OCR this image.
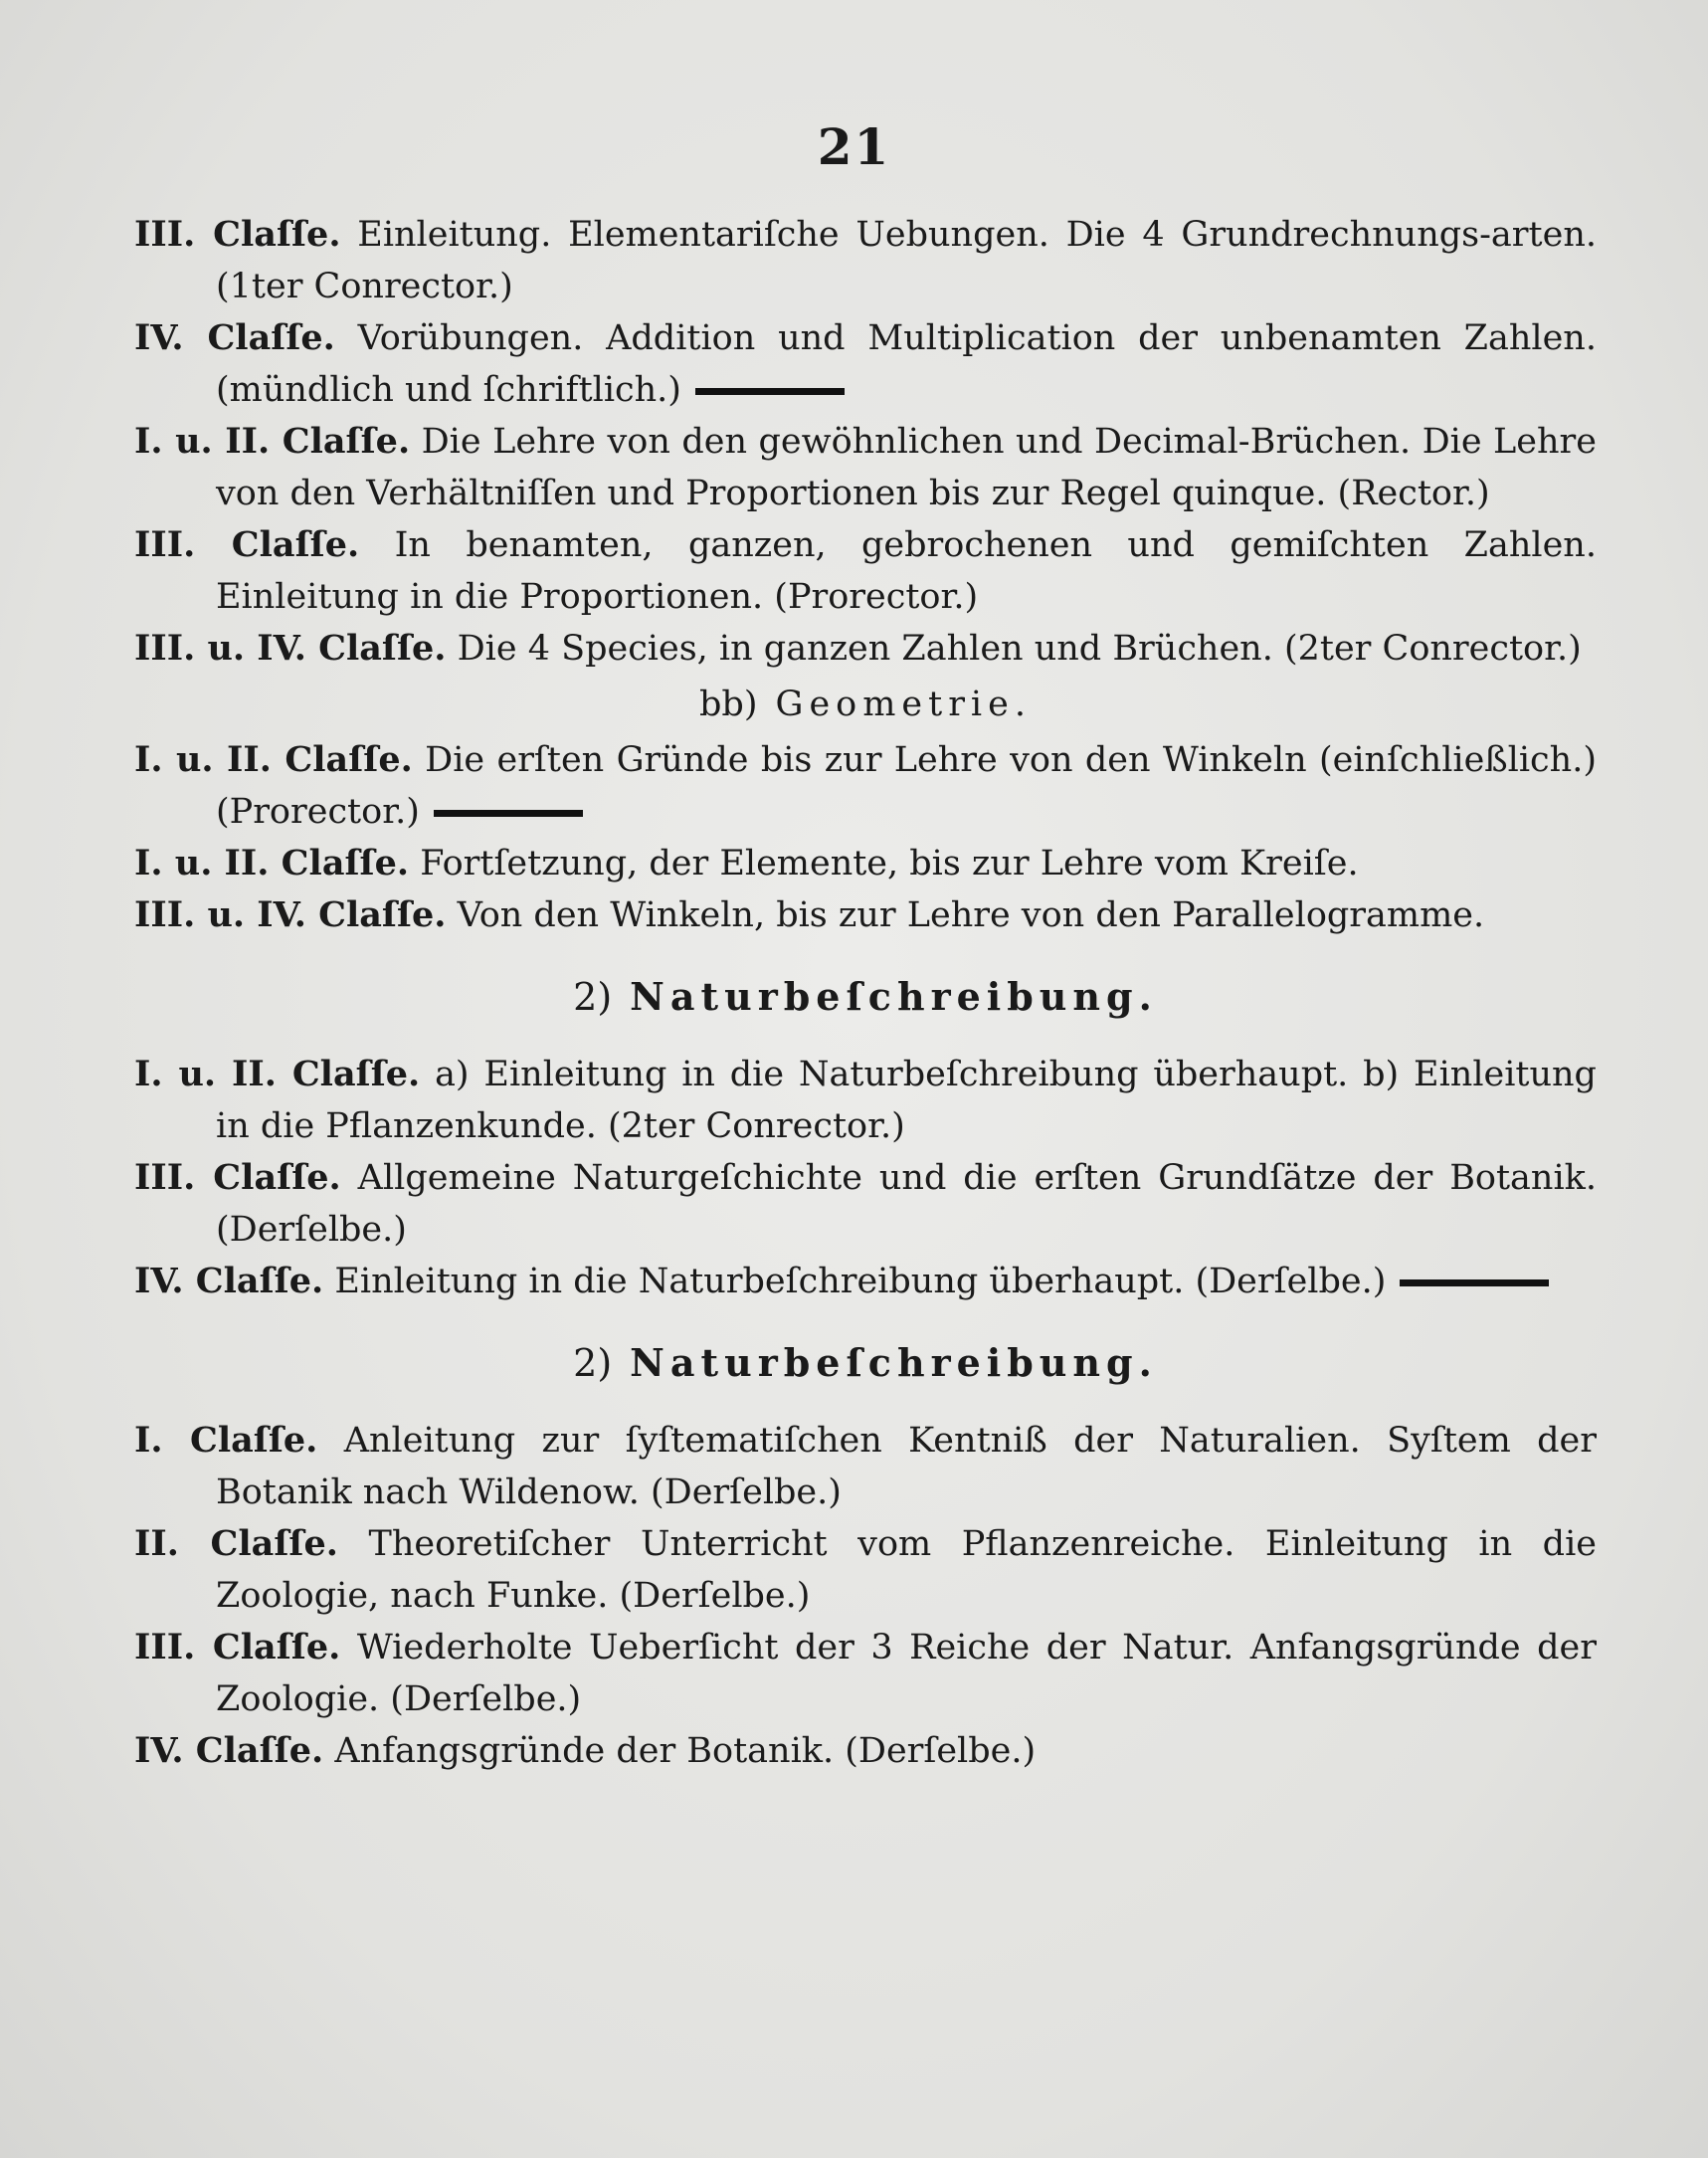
21

III. Claſſe. Einleitung. Elementariſche Uebungen. Die 4 Grundrechnungs-arten. (1ter Conrector.)

IV. Claſſe. Vorübungen. Addition und Multiplication der unbenamten Zahlen. (mündlich und ſchriftlich.)

I. u. II. Claſſe. Die Lehre von den gewöhnlichen und Decimal-Brüchen. Die Lehre von den Verhältniſſen und Proportionen bis zur Regel quinque. (Rector.)

III. Claſſe. In benamten, ganzen, gebrochenen und gemiſchten Zahlen. Einleitung in die Proportionen. (Prorector.)

III. u. IV. Claſſe. Die 4 Species, in ganzen Zahlen und Brüchen. (2ter Conrector.)

bb) Geometrie.

I. u. II. Claſſe. Die erſten Gründe bis zur Lehre von den Winkeln (einſchließlich.) (Prorector.)

I. u. II. Claſſe. Fortſetzung, der Elemente, bis zur Lehre vom Kreiſe.

III. u. IV. Claſſe. Von den Winkeln, bis zur Lehre von den Parallelogramme.

2) Naturbeſchreibung.

I. u. II. Claſſe. a) Einleitung in die Naturbeſchreibung überhaupt. b) Einleitung in die Pflanzenkunde. (2ter Conrector.)

III. Claſſe. Allgemeine Naturgeſchichte und die erſten Grundſätze der Botanik. (Derſelbe.)

IV. Claſſe. Einleitung in die Naturbeſchreibung überhaupt. (Derſelbe.)

2) Naturbeſchreibung.

I. Claſſe. Anleitung zur ſyſtematiſchen Kentniß der Naturalien. Syſtem der Botanik nach Wildenow. (Derſelbe.)

II. Claſſe. Theoretiſcher Unterricht vom Pflanzenreiche. Einleitung in die Zoologie, nach Funke. (Derſelbe.)

III. Claſſe. Wiederholte Ueberſicht der 3 Reiche der Natur. Anfangsgründe der Zoologie. (Derſelbe.)

IV. Claſſe. Anfangsgründe der Botanik. (Derſelbe.)
